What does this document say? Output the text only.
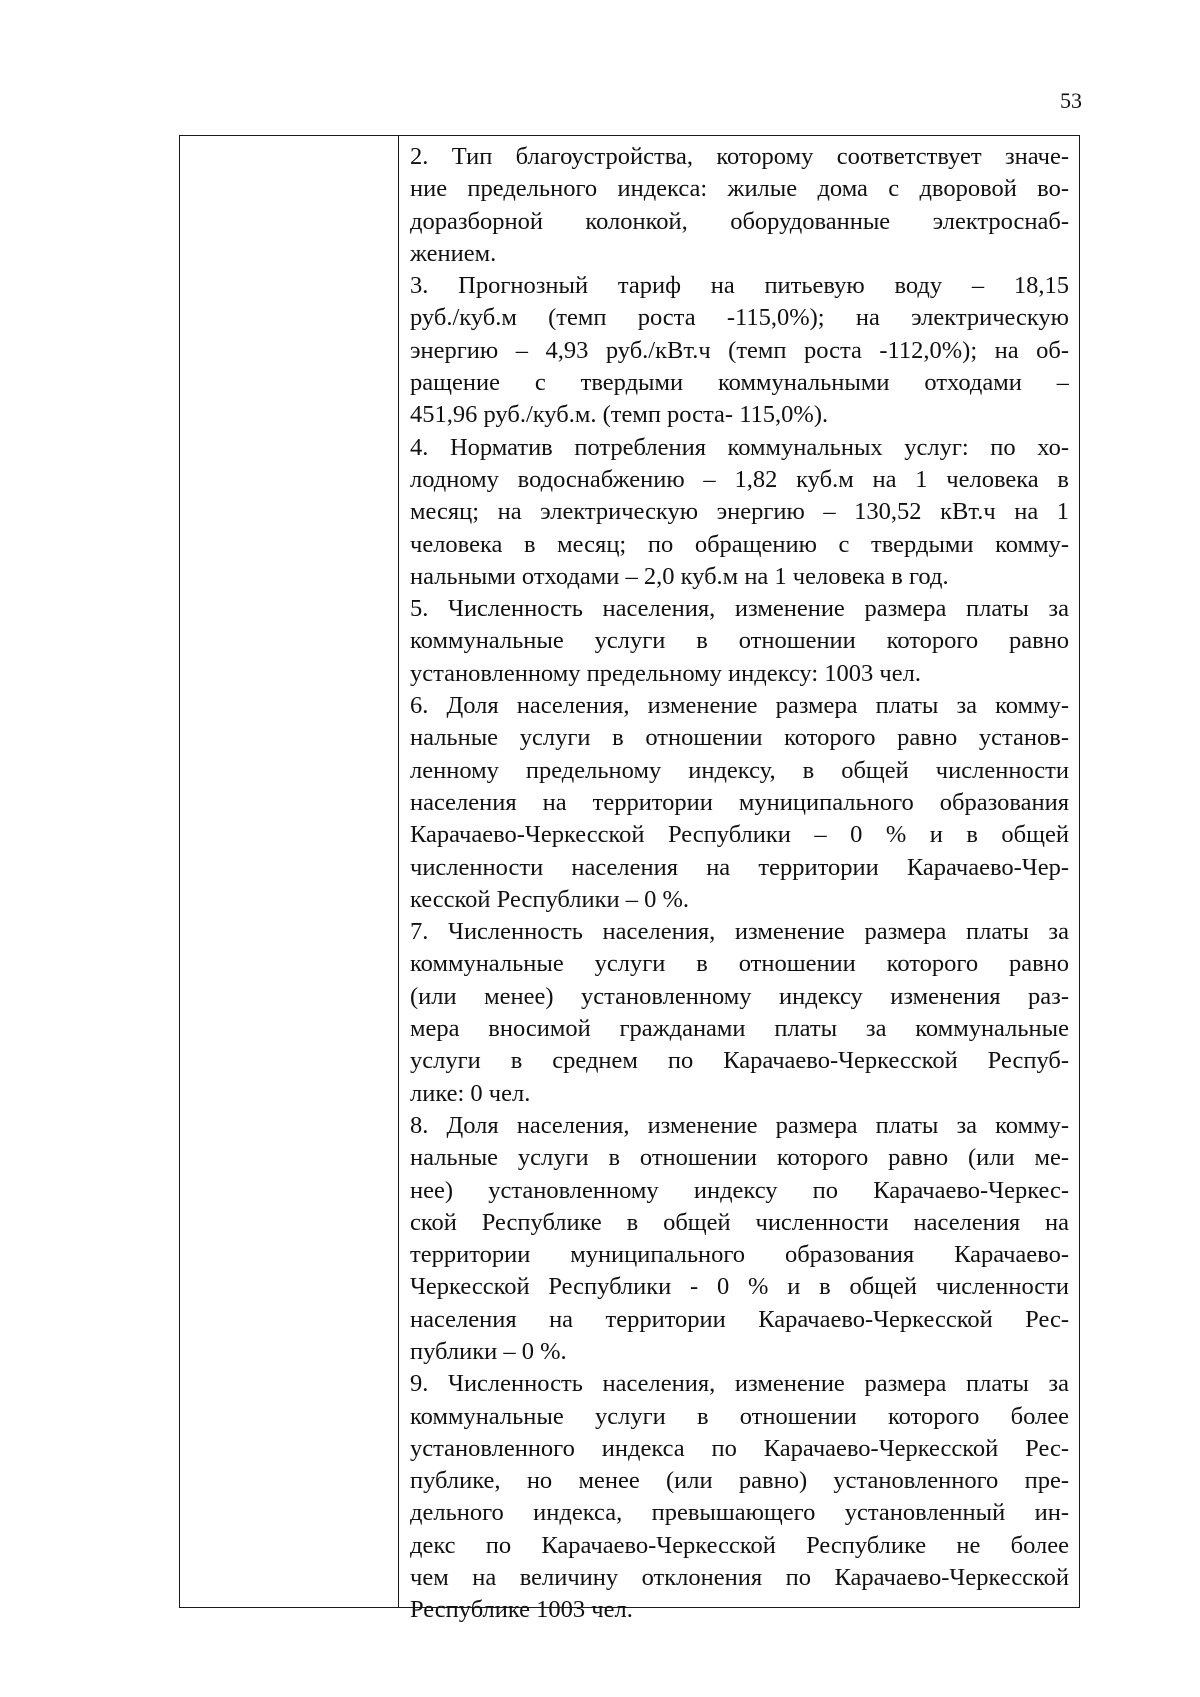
53
2. Тип благоустройства, которому соответствует значе-
ние предельного индекса: жилые дома с дворовой во-
доразборной колонкой, оборудованные электроснаб-
жением.
3. Прогнозный тариф на питьевую воду – 18,15
руб./куб.м (темп роста -115,0%); на электрическую
энергию – 4,93 руб./кВт.ч (темп роста -112,0%); на об-
ращение с твердыми коммунальными отходами –
451,96 руб./куб.м. (темп роста- 115,0%).
4. Норматив потребления коммунальных услуг: по хо-
лодному водоснабжению – 1,82 куб.м на 1 человека в
месяц; на электрическую энергию – 130,52 кВт.ч на 1
человека в месяц; по обращению с твердыми комму-
нальными отходами – 2,0 куб.м на 1 человека в год.
5. Численность населения, изменение размера платы за
коммунальные услуги в отношении которого равно
установленному предельному индексу: 1003 чел.
6. Доля населения, изменение размера платы за комму-
нальные услуги в отношении которого равно установ-
ленному предельному индексу, в общей численности
населения на территории муниципального образования
Карачаево-Черкесской Республики – 0 % и в общей
численности населения на территории Карачаево-Чер-
кесской Республики – 0 %.
7. Численность населения, изменение размера платы за
коммунальные услуги в отношении которого равно
(или менее) установленному индексу изменения раз-
мера вносимой гражданами платы за коммунальные
услуги в среднем по Карачаево-Черкесской Респуб-
лике: 0 чел.
8. Доля населения, изменение размера платы за комму-
нальные услуги в отношении которого равно (или ме-
нее) установленному индексу по Карачаево-Черкес-
ской Республике в общей численности населения на
территории муниципального образования Карачаево-
Черкесской Республики - 0 % и в общей численности
населения на территории Карачаево-Черкесской Рес-
публики – 0 %.
9. Численность населения, изменение размера платы за
коммунальные услуги в отношении которого более
установленного индекса по Карачаево-Черкесской Рес-
публике, но менее (или равно) установленного пре-
дельного индекса, превышающего установленный ин-
декс по Карачаево-Черкесской Республике не более
чем на величину отклонения по Карачаево-Черкесской
Республике 1003 чел.
